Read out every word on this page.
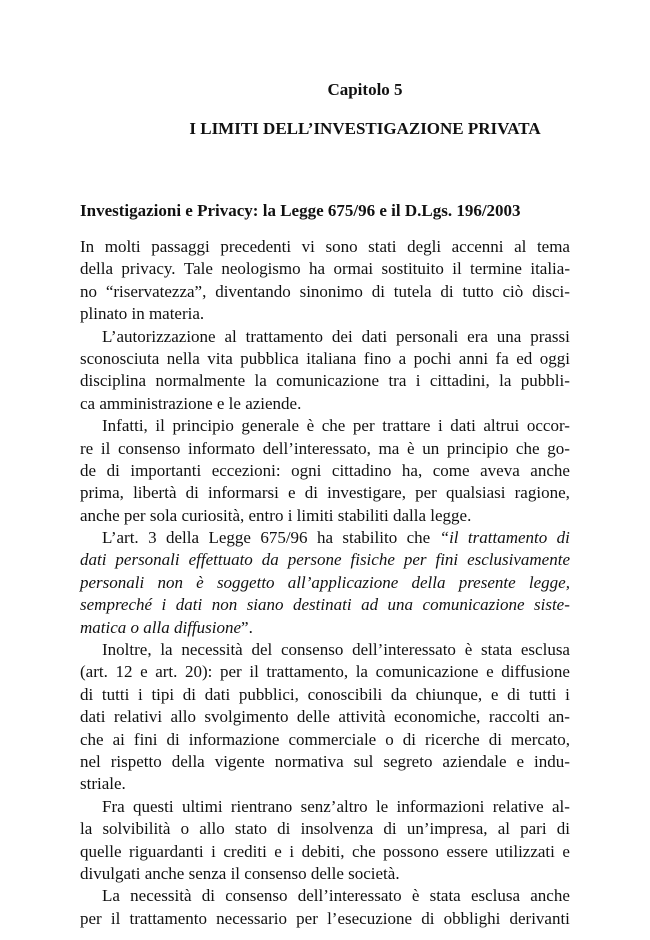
Capitolo 5
I LIMITI DELL’INVESTIGAZIONE PRIVATA
Investigazioni e Privacy: la Legge 675/96 e il D.Lgs. 196/2003
In molti passaggi precedenti vi sono stati degli accenni al tema
della privacy. Tale neologismo ha ormai sostituito il termine italia-
no “riservatezza”, diventando sinonimo di tutela di tutto ciò disci-
plinato in materia.
L’autorizzazione al trattamento dei dati personali era una prassi
sconosciuta nella vita pubblica italiana fino a pochi anni fa ed oggi
disciplina normalmente la comunicazione tra i cittadini, la pubbli-
ca amministrazione e le aziende.
Infatti, il principio generale è che per trattare i dati altrui occor-
re il consenso informato dell’interessato, ma è un principio che go-
de di importanti eccezioni: ogni cittadino ha, come aveva anche
prima, libertà di informarsi e di investigare, per qualsiasi ragione,
anche per sola curiosità, entro i limiti stabiliti dalla legge.
L’art. 3 della Legge 675/96 ha stabilito che “il trattamento di
dati personali effettuato da persone fisiche per fini esclusivamente
personali non è soggetto all’applicazione della presente legge,
sempreché i dati non siano destinati ad una comunicazione siste-
matica o alla diffusione”.
Inoltre, la necessità del consenso dell’interessato è stata esclusa
(art. 12 e art. 20): per il trattamento, la comunicazione e diffusione
di tutti i tipi di dati pubblici, conoscibili da chiunque, e di tutti i
dati relativi allo svolgimento delle attività economiche, raccolti an-
che ai fini di informazione commerciale o di ricerche di mercato,
nel rispetto della vigente normativa sul segreto aziendale e indu-
striale.
Fra questi ultimi rientrano senz’altro le informazioni relative al-
la solvibilità o allo stato di insolvenza di un’impresa, al pari di
quelle riguardanti i crediti e i debiti, che possono essere utilizzati e
divulgati anche senza il consenso delle società.
La necessità di consenso dell’interessato è stata esclusa anche
per il trattamento necessario per l’esecuzione di obblighi derivanti
